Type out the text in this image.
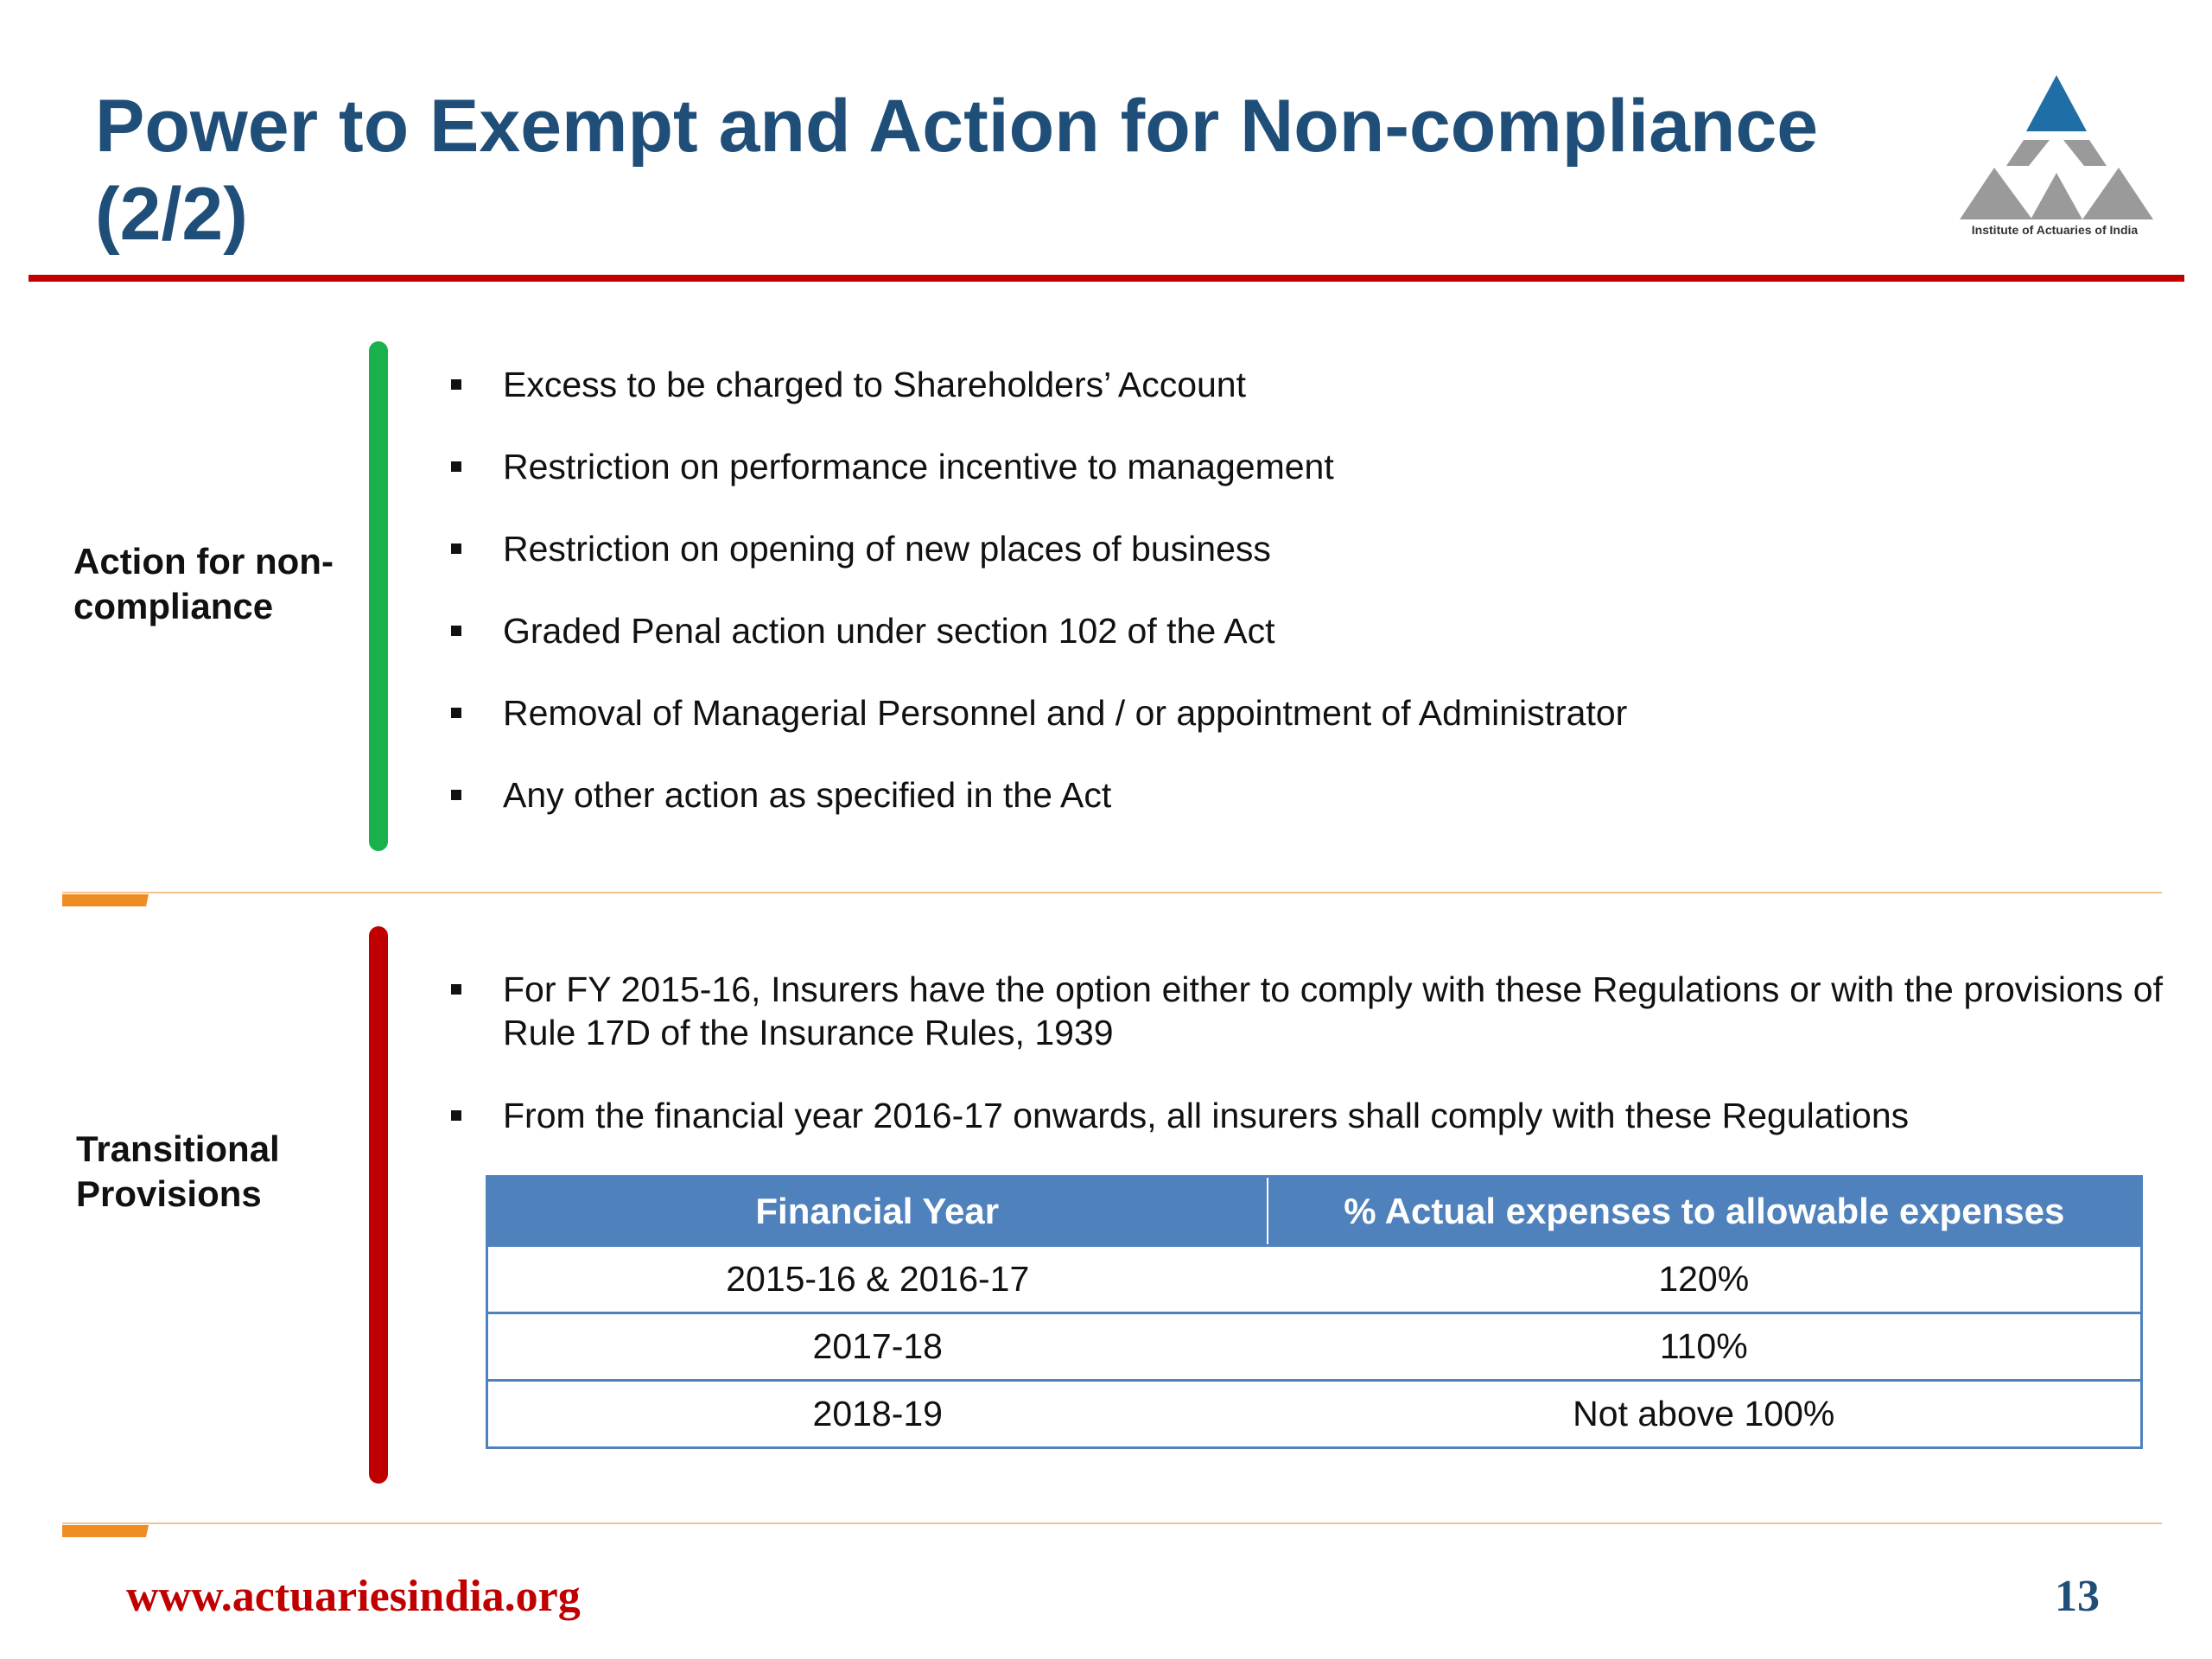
Power to Exempt and Action for Non-compliance (2/2)	Institute of Actuaries of India
Action for non-compliance
Excess to be charged to Shareholders’ Account
Restriction on performance incentive to management
Restriction on opening of new places of business
Graded Penal action under section 102 of the Act
Removal of Managerial Personnel and / or appointment of Administrator
Any other action as specified in the Act
Transitional Provisions
For FY 2015-16, Insurers have the option either to comply with these Regulations or with the provisions of Rule 17D of the Insurance Rules, 1939
From the financial year 2016-17 onwards, all insurers shall comply with these Regulations
Financial Year	% Actual expenses to allowable expenses
2015-16 & 2016-17	120%
2017-18	110%
2018-19	Not above 100%
www.actuariesindia.org	13
